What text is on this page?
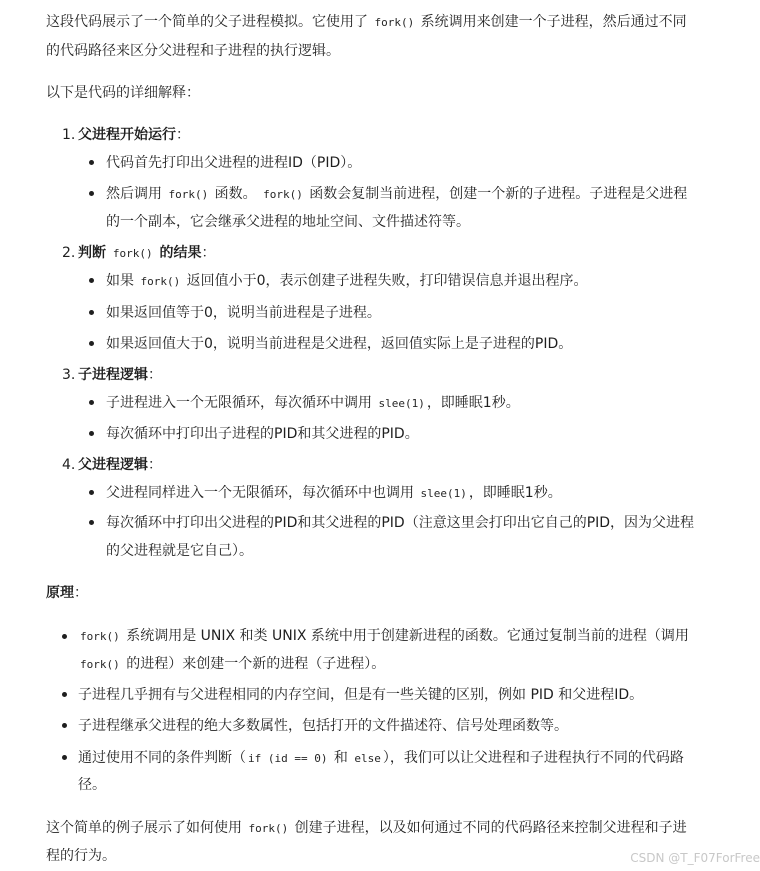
这段代码展示了一个简单的父子进程模拟。它使用了 fork() 系统调用来创建一个子进程，然后通过不同
的代码路径来区分父进程和子进程的执行逻辑。
以下是代码的详细解释：
1. 父进程开始运行：
代码首先打印出父进程的进程ID（PID）。
然后调用 fork() 函数。 fork() 函数会复制当前进程，创建一个新的子进程。子进程是父进程
的一个副本，它会继承父进程的地址空间、文件描述符等。
2. 判断 fork() 的结果：
如果 fork() 返回值小于0，表示创建子进程失败，打印错误信息并退出程序。
如果返回值等于0，说明当前进程是子进程。
如果返回值大于0，说明当前进程是父进程，返回值实际上是子进程的PID。
3. 子进程逻辑：
子进程进入一个无限循环，每次循环中调用 slee(1) ，即睡眠1秒。
每次循环中打印出子进程的PID和其父进程的PID。
4. 父进程逻辑：
父进程同样进入一个无限循环，每次循环中也调用 slee(1) ，即睡眠1秒。
每次循环中打印出父进程的PID和其父进程的PID（注意这里会打印出它自己的PID，因为父进程
的父进程就是它自己）。
原理：
fork() 系统调用是 UNIX 和类 UNIX 系统中用于创建新进程的函数。它通过复制当前的进程（调用
fork() 的进程）来创建一个新的进程（子进程）。
子进程几乎拥有与父进程相同的内存空间，但是有一些关键的区别，例如 PID 和父进程ID。
子进程继承父进程的绝大多数属性，包括打开的文件描述符、信号处理函数等。
通过使用不同的条件判断（ if (id == 0) 和 else ），我们可以让父进程和子进程执行不同的代码路
径。
这个简单的例子展示了如何使用 fork() 创建子进程，以及如何通过不同的代码路径来控制父进程和子进
程的行为。	CSDN @T_F07ForFree
